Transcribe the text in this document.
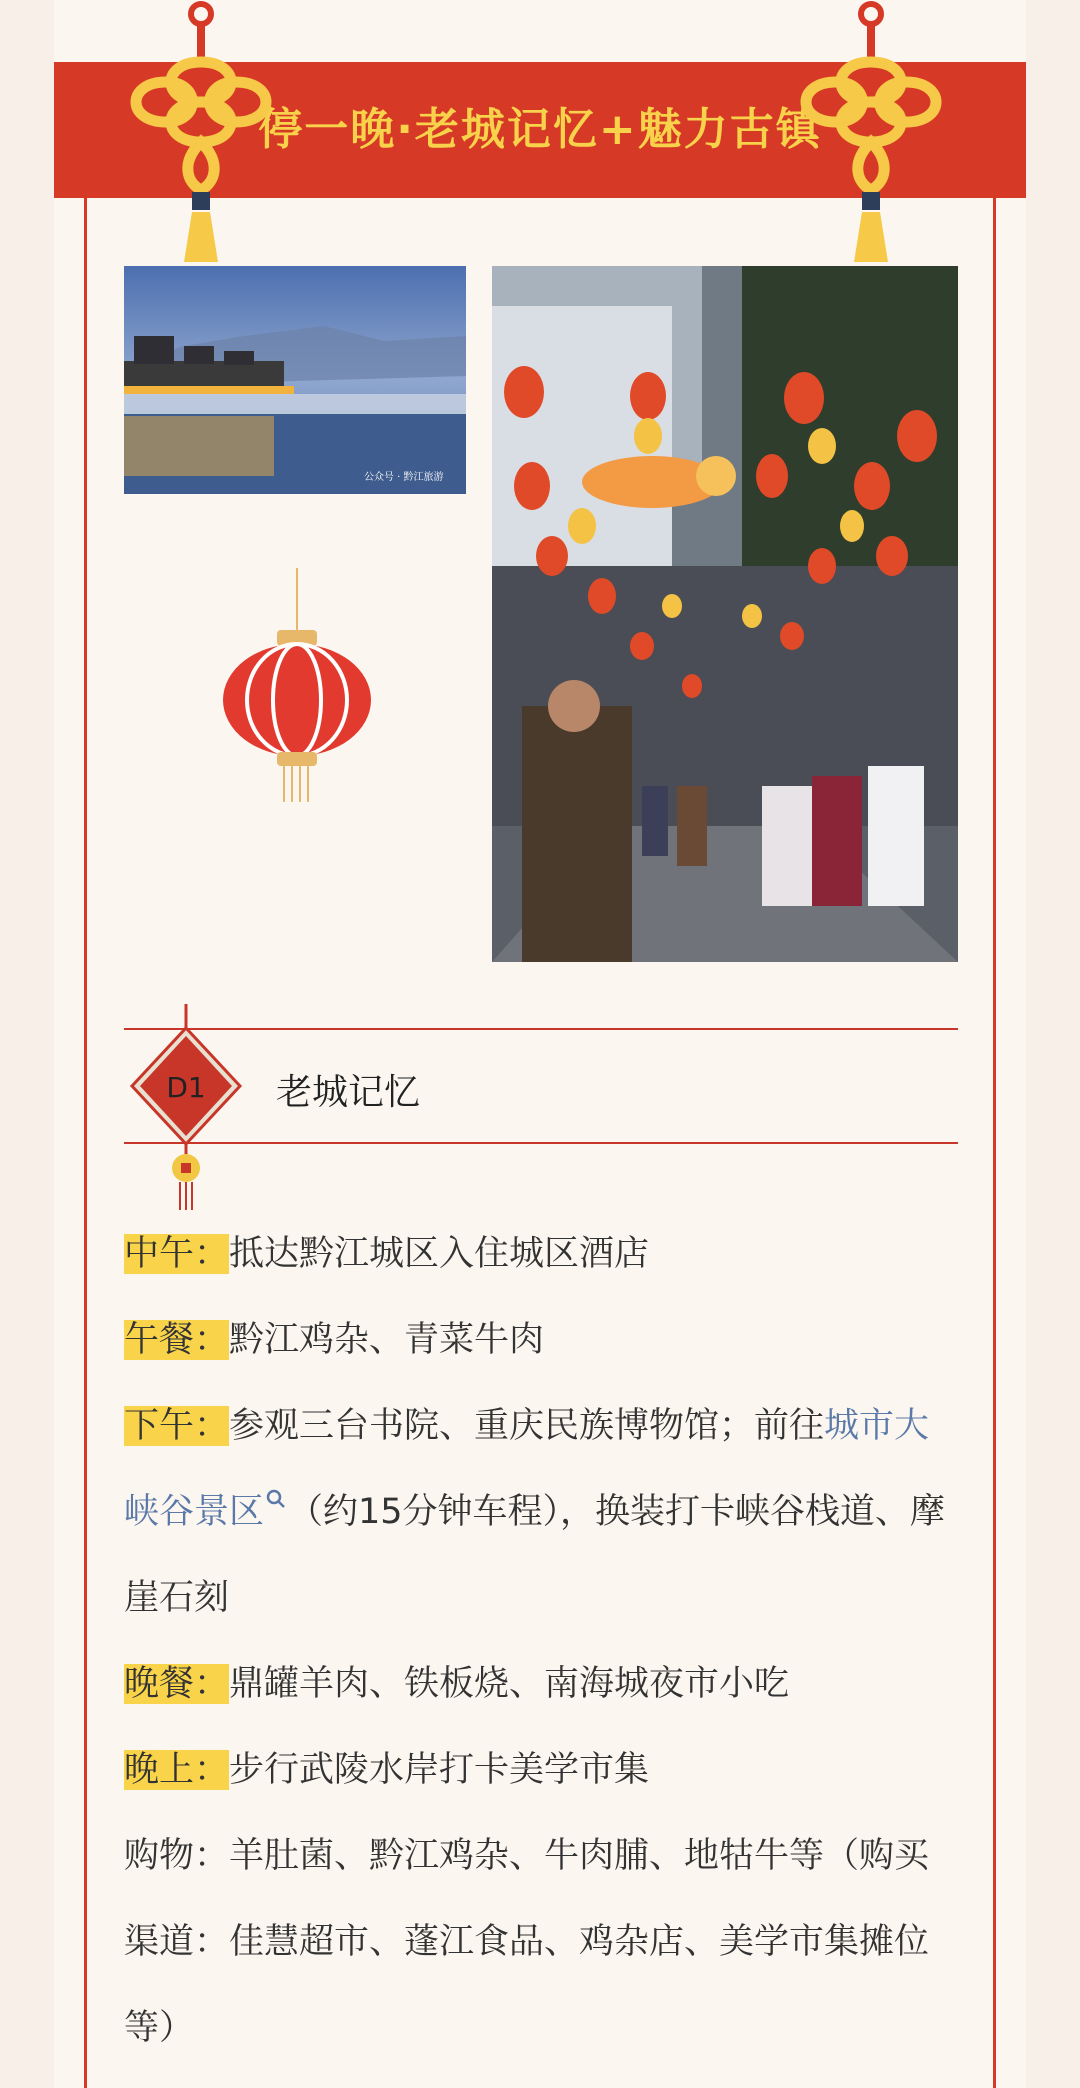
停一晚·老城记忆+魅力古镇
公众号 · 黔江旅游
D1 老城记忆
中午：抵达黔江城区入住城区酒店
午餐：黔江鸡杂、青菜牛肉
下午：参观三台书院、重庆民族博物馆；前往城市大峡谷景区 （约15分钟车程），换装打卡峡谷栈道、摩崖石刻
晚餐：鼎罐羊肉、铁板烧、南海城夜市小吃
晚上：步行武陵水岸打卡美学市集
购物：羊肚菌、黔江鸡杂、牛肉脯、地牯牛等（购买渠道：佳慧超市、蓬江食品、鸡杂店、美学市集摊位等）
